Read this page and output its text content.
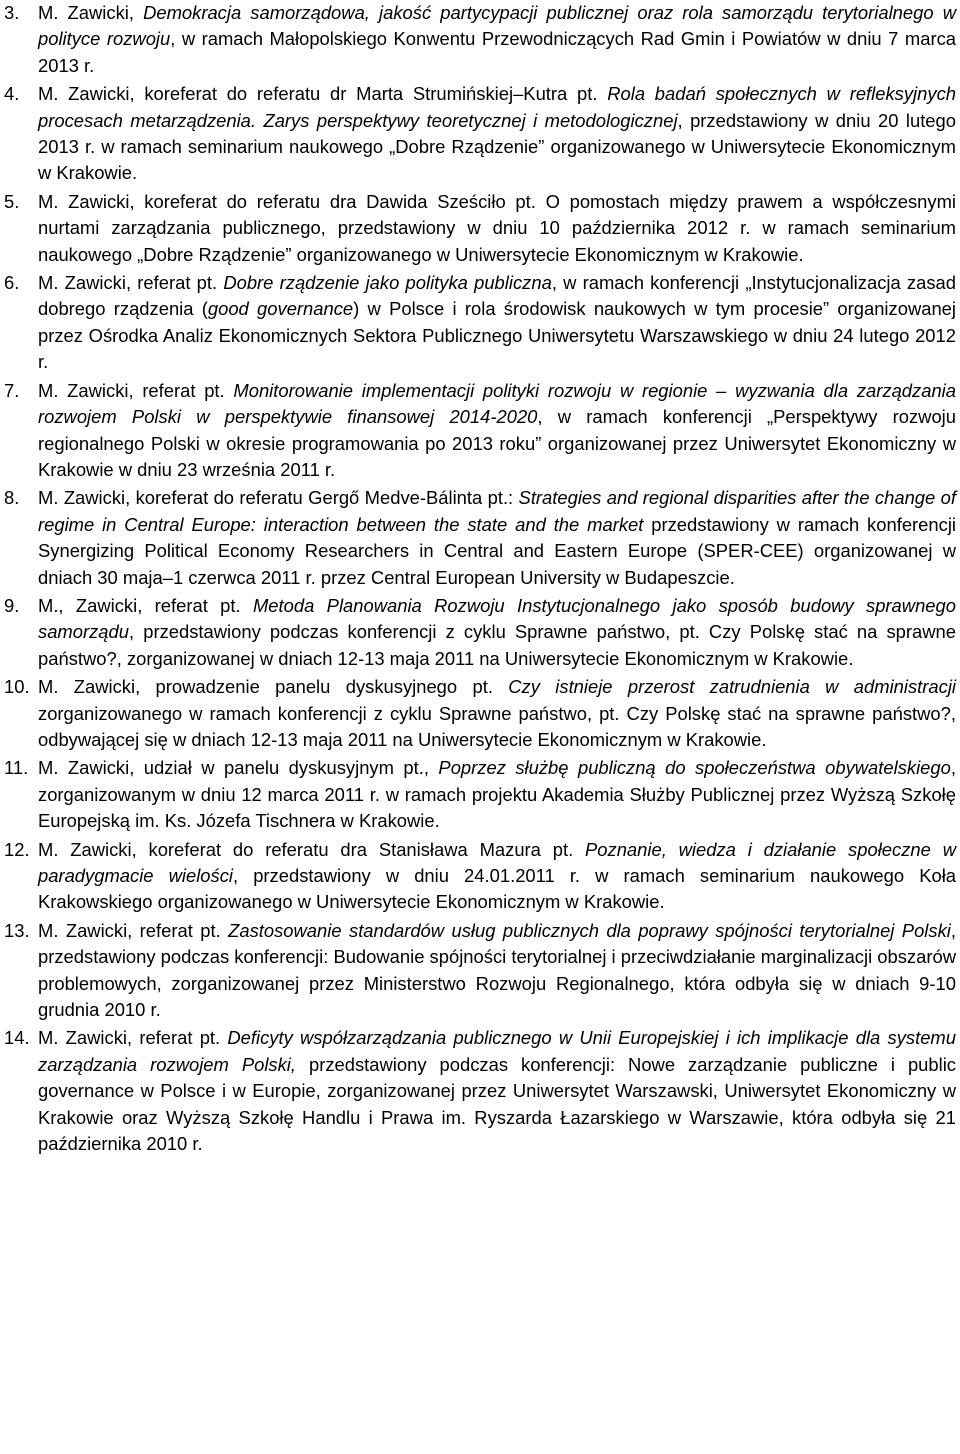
3. M. Zawicki, Demokracja samorządowa, jakość partycypacji publicznej oraz rola samorządu terytorialnego w polityce rozwoju, w ramach Małopolskiego Konwentu Przewodniczących Rad Gmin i Powiatów w dniu 7 marca 2013 r.
4. M. Zawicki, koreferat do referatu dr Marta Strumińskiej–Kutra pt. Rola badań społecznych w refleksyjnych procesach metarządzenia. Zarys perspektywy teoretycznej i metodologicznej, przedstawiony w dniu 20 lutego 2013 r. w ramach seminarium naukowego „Dobre Rządzenie” organizowanego w Uniwersytecie Ekonomicznym w Krakowie.
5. M. Zawicki, koreferat do referatu dra Dawida Sześciło pt. O pomostach między prawem a współczesnymi nurtami zarządzania publicznego, przedstawiony w dniu 10 października 2012 r. w ramach seminarium naukowego „Dobre Rządzenie” organizowanego w Uniwersytecie Ekonomicznym w Krakowie.
6. M. Zawicki, referat pt. Dobre rządzenie jako polityka publiczna, w ramach konferencji „Instytucjonalizacja zasad dobrego rządzenia (good governance) w Polsce i rola środowisk naukowych w tym procesie” organizowanej przez Ośrodka Analiz Ekonomicznych Sektora Publicznego Uniwersytetu Warszawskiego w dniu 24 lutego 2012 r.
7. M. Zawicki, referat pt. Monitorowanie implementacji polityki rozwoju w regionie – wyzwania dla zarządzania rozwojem Polski w perspektywie finansowej 2014-2020, w ramach konferencji „Perspektywy rozwoju regionalnego Polski w okresie programowania po 2013 roku” organizowanej przez Uniwersytet Ekonomiczny w Krakowie w dniu 23 września 2011 r.
8. M. Zawicki, koreferat do referatu Gergő Medve-Bálinta pt.: Strategies and regional disparities after the change of regime in Central Europe: interaction between the state and the market przedstawiony w ramach konferencji Synergizing Political Economy Researchers in Central and Eastern Europe (SPER-CEE) organizowanej w dniach 30 maja–1 czerwca 2011 r. przez Central European University w Budapeszcie.
9. M., Zawicki, referat pt. Metoda Planowania Rozwoju Instytucjonalnego jako sposób budowy sprawnego samorządu, przedstawiony podczas konferencji z cyklu Sprawne państwo, pt. Czy Polskę stać na sprawne państwo?, zorganizowanej w dniach 12-13 maja 2011 na Uniwersytecie Ekonomicznym w Krakowie.
10. M. Zawicki, prowadzenie panelu dyskusyjnego pt. Czy istnieje przerost zatrudnienia w administracji zorganizowanego w ramach konferencji z cyklu Sprawne państwo, pt. Czy Polskę stać na sprawne państwo?, odbywającej się w dniach 12-13 maja 2011 na Uniwersytecie Ekonomicznym w Krakowie.
11. M. Zawicki, udział w panelu dyskusyjnym pt., Poprzez służbę publiczną do społeczeństwa obywatelskiego, zorganizowanym w dniu 12 marca 2011 r. w ramach projektu Akademia Służby Publicznej przez Wyższą Szkołę Europejską im. Ks. Józefa Tischnera w Krakowie.
12. M. Zawicki, koreferat do referatu dra Stanisława Mazura pt. Poznanie, wiedza i działanie społeczne w paradygmacie wielości, przedstawiony w dniu 24.01.2011 r. w ramach seminarium naukowego Koła Krakowskiego organizowanego w Uniwersytecie Ekonomicznym w Krakowie.
13. M. Zawicki, referat pt. Zastosowanie standardów usług publicznych dla poprawy spójności terytorialnej Polski, przedstawiony podczas konferencji: Budowanie spójności terytorialnej i przeciwdziałanie marginalizacji obszarów problemowych, zorganizowanej przez Ministerstwo Rozwoju Regionalnego, która odbyła się w dniach 9-10 grudnia 2010 r.
14. M. Zawicki, referat pt. Deficyty współzarządzania publicznego w Unii Europejskiej i ich implikacje dla systemu zarządzania rozwojem Polski, przedstawiony podczas konferencji: Nowe zarządzanie publiczne i public governance w Polsce i w Europie, zorganizowanej przez Uniwersytet Warszawski, Uniwersytet Ekonomiczny w Krakowie oraz Wyższą Szkołę Handlu i Prawa im. Ryszarda Łazarskiego w Warszawie, która odbyła się 21 października 2010 r.
